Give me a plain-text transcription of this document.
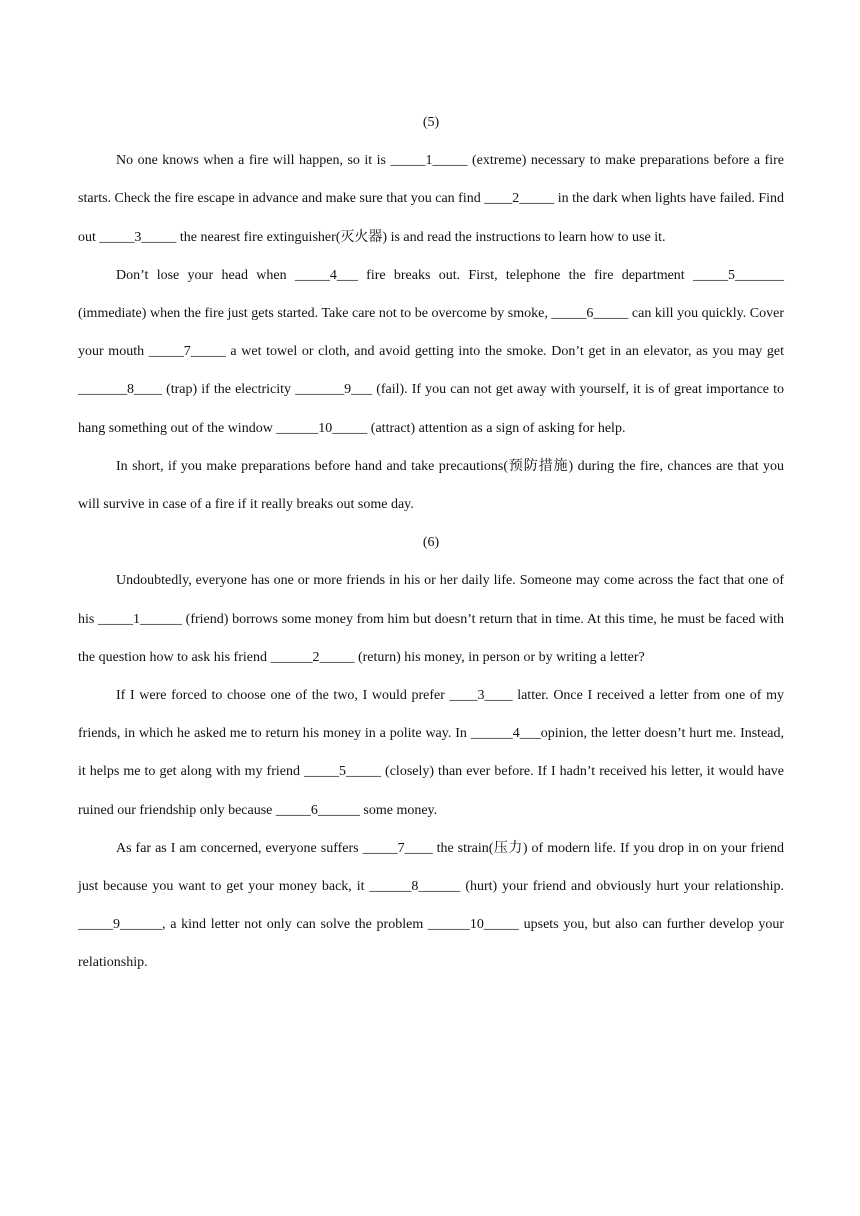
(5)

No one knows when a fire will happen, so it is _____1_____ (extreme) necessary to make preparations before a fire starts. Check the fire escape in advance and make sure that you can find ____2_____ in the dark when lights have failed. Find out _____3_____ the nearest fire extinguisher(灭火器) is and read the instructions to learn how to use it.

Don’t lose your head when _____4___ fire breaks out. First, telephone the fire department _____5_______ (immediate) when the fire just gets started. Take care not to be overcome by smoke, _____6_____ can kill you quickly. Cover your mouth _____7_____ a wet towel or cloth, and avoid getting into the smoke. Don’t get in an elevator, as you may get _______8____ (trap) if the electricity _______9___ (fail). If you can not get away with yourself, it is of great importance to hang something out of the window ______10_____ (attract) attention as a sign of asking for help.

In short, if you make preparations before hand and take precautions(预防措施) during the fire, chances are that you will survive in case of a fire if it really breaks out some day.

(6)

Undoubtedly, everyone has one or more friends in his or her daily life. Someone may come across the fact that one of his _____1______ (friend) borrows some money from him but doesn’t return that in time. At this time, he must be faced with the question how to ask his friend ______2_____ (return) his money, in person or by writing a letter?

If I were forced to choose one of the two, I would prefer ____3____ latter. Once I received a letter from one of my friends, in which he asked me to return his money in a polite way. In ______4___opinion, the letter doesn’t hurt me. Instead, it helps me to get along with my friend _____5_____ (closely) than ever before. If I hadn’t received his letter, it would have ruined our friendship only because _____6______ some money.

As far as I am concerned, everyone suffers _____7____ the strain(压力) of modern life. If you drop in on your friend just because you want to get your money back, it ______8______ (hurt) your friend and obviously hurt your relationship. _____9______, a kind letter not only can solve the problem ______10_____ upsets you, but also can further develop your relationship.
